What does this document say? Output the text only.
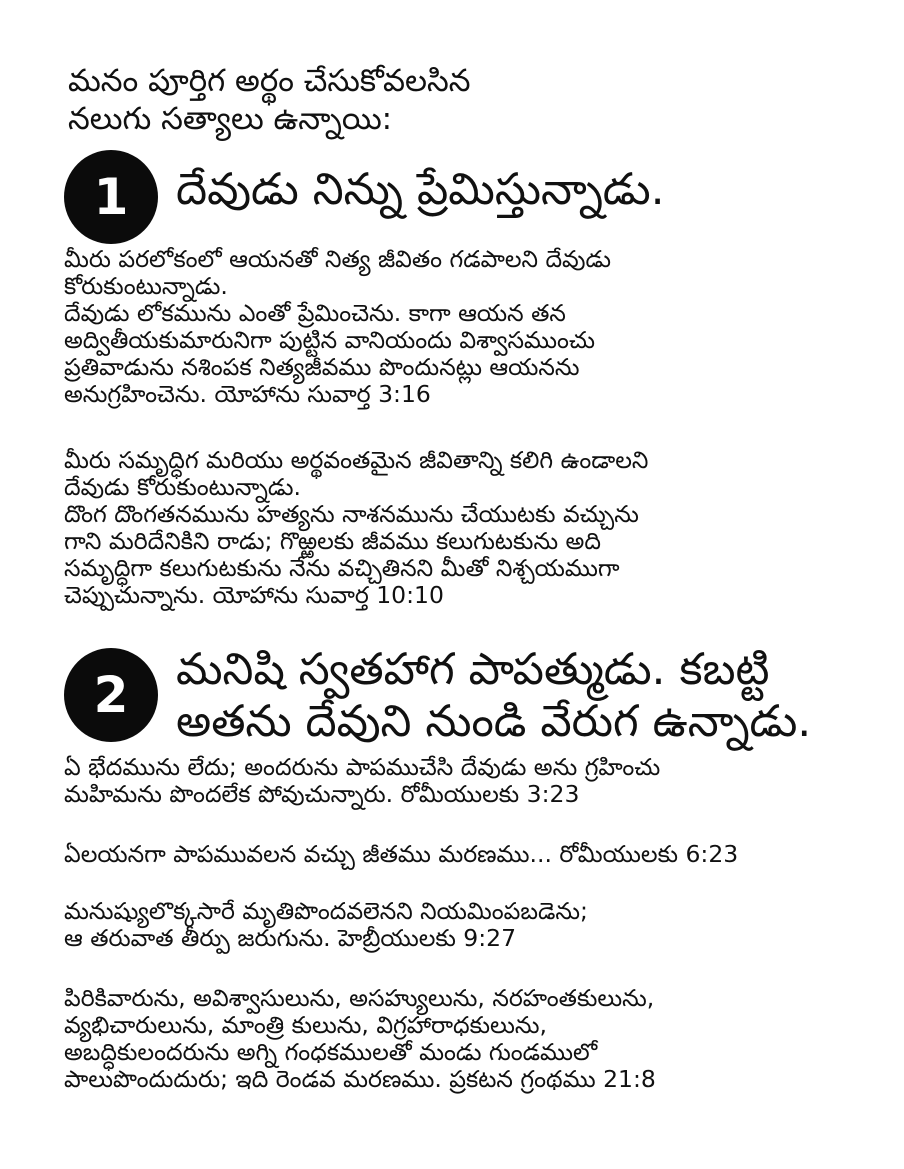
మనం పూర్తిగ అర్థం చేసుకోవలసిన
నలుగు సత్యాలు ఉన్నాయి:
1	దేవుడు నిన్ను ప్రేమిస్తున్నాడు.

మీరు పరలోకంలో ఆయనతో నిత్య జీవితం గడపాలని దేవుడు
కోరుకుంటున్నాడు.
దేవుడు లోకమును ఎంతో ప్రేమించెను. కాగా ఆయన తన
అద్వితీయకుమారునిగా పుట్టిన వానియందు విశ్వాసముంచు
ప్రతివాడును నశింపక నిత్యజీవము పొందునట్లు ఆయనను
అనుగ్రహించెను. యోహాను సువార్త 3:16

మీరు సమృద్ధిగ మరియు అర్థవంతమైన జీవితాన్ని కలిగి ఉండాలని
దేవుడు కోరుకుంటున్నాడు.
దొంగ దొంగతనమును హత్యను నాశనమును చేయుటకు వచ్చును
గాని మరిదేనికిని రాడు; గొఱ్ఱలకు జీవము కలుగుటకును అది
సమృద్ధిగా కలుగుటకును నేను వచ్చితినని మీతో నిశ్చయముగా
చెప్పుచున్నాను. యోహాను సువార్త 10:10

2	మనిషి స్వతహాగ పాపత్ముడు. కబట్టి
అతను దేవుని నుండి వేరుగ ఉన్నాడు.

ఏ భేదమును లేదు; అందరును పాపముచేసి దేవుడు అను గ్రహించు
మహిమను పొందలేక పోవుచున్నారు. రోమీయులకు 3:23

ఏలయనగా పాపమువలన వచ్చు జీతము మరణము... రోమీయులకు 6:23

మనుష్యులొక్కసారే మృతిపొందవలెనని నియమింపబడెను;
ఆ తరువాత తీర్పు జరుగును. హెబ్రీయులకు 9:27

పిరికివారును, అవిశ్వాసులును, అసహ్యులును, నరహంతకులును,
వ్యభిచారులును, మాంత్రి కులును, విగ్రహారాధకులును,
అబద్ధికులందరును అగ్ని గంధకములతో మండు గుండములో
పాలుపొందుదురు; ఇది రెండవ మరణము. ప్రకటన గ్రంథము 21:8
